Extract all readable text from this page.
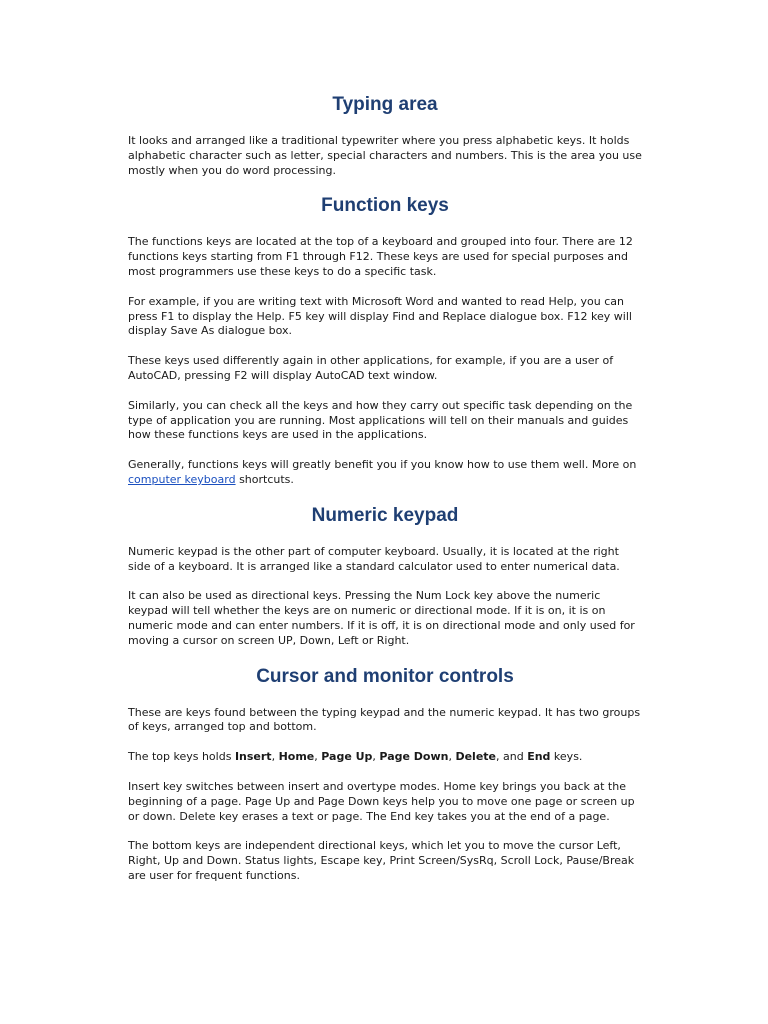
Typing area

It looks and arranged like a traditional typewriter where you press alphabetic keys. It holds alphabetic character such as letter, special characters and numbers. This is the area you use mostly when you do word processing.

Function keys

The functions keys are located at the top of a keyboard and grouped into four. There are 12 functions keys starting from F1 through F12. These keys are used for special purposes and most programmers use these keys to do a specific task.

For example, if you are writing text with Microsoft Word and wanted to read Help, you can press F1 to display the Help. F5 key will display Find and Replace dialogue box. F12 key will display Save As dialogue box.

These keys used differently again in other applications, for example, if you are a user of AutoCAD, pressing F2 will display AutoCAD text window.

Similarly, you can check all the keys and how they carry out specific task depending on the type of application you are running. Most applications will tell on their manuals and guides how these functions keys are used in the applications.

Generally, functions keys will greatly benefit you if you know how to use them well. More on computer keyboard shortcuts.

Numeric keypad

Numeric keypad is the other part of computer keyboard. Usually, it is located at the right side of a keyboard. It is arranged like a standard calculator used to enter numerical data.

It can also be used as directional keys. Pressing the Num Lock key above the numeric keypad will tell whether the keys are on numeric or directional mode. If it is on, it is on numeric mode and can enter numbers. If it is off, it is on directional mode and only used for moving a cursor on screen UP, Down, Left or Right.

Cursor and monitor controls

These are keys found between the typing keypad and the numeric keypad. It has two groups of keys, arranged top and bottom.

The top keys holds Insert, Home, Page Up, Page Down, Delete, and End keys.

Insert key switches between insert and overtype modes. Home key brings you back at the beginning of a page. Page Up and Page Down keys help you to move one page or screen up or down. Delete key erases a text or page. The End key takes you at the end of a page.

The bottom keys are independent directional keys, which let you to move the cursor Left, Right, Up and Down. Status lights, Escape key, Print Screen/SysRq, Scroll Lock, Pause/Break are user for frequent functions.
